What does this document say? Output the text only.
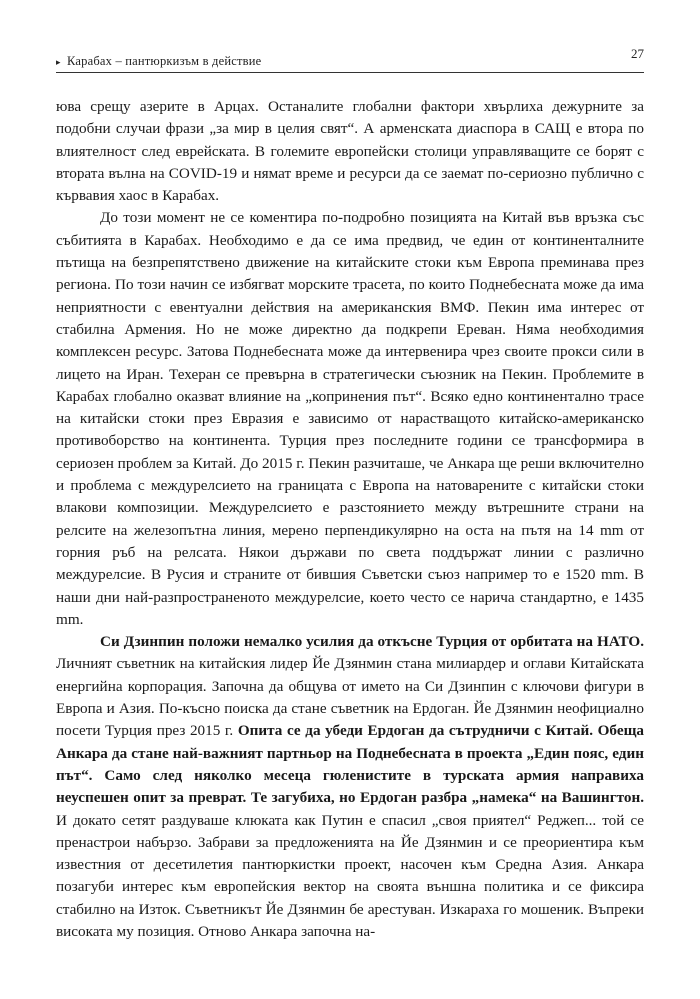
▸ Карабах – пантюркизъм в действие	27

юва срещу азерите в Арцах. Останалите глобални фактори хвърлиха дежурните за подобни случаи фрази „за мир в целия свят“. А арменската диаспора в САЩ е втора по влиятелност след еврейската. В големите европейски столици управляващите се борят с втората вълна на COVID-19 и нямат време и ресурси да се заемат по-сериозно публично с кървавия хаос в Карабах.

До този момент не се коментира по-подробно позицията на Китай във връзка със събитията в Карабах. Необходимо е да се има предвид, че един от континенталните пътища на безпрепятствено движение на китайските стоки към Европа преминава през региона. По този начин се избягват морските трасета, по които Поднебесната може да има неприятности с евентуални действия на американския ВМФ. Пекин има интерес от стабилна Армения. Но не може директно да подкрепи Ереван. Няма необходимия комплексен ресурс. Затова Поднебесната може да интервенира чрез своите прокси сили в лицето на Иран. Техеран се превърна в стратегически съюзник на Пекин. Проблемите в Карабах глобално оказват влияние на „копринения път“. Всяко едно континентално трасе на китайски стоки през Евразия е зависимо от нарастващото китайско-американско противоборство на континента. Турция през последните години се трансформира в сериозен проблем за Китай. До 2015 г. Пекин разчиташе, че Анкара ще реши включително и проблема с междурелсието на границата с Европа на натоварените с китайски стоки влакови композиции. Междурелсието е разстоянието между вътрешните страни на релсите на железопътна линия, мерено перпендикулярно на оста на пътя на 14 mm от горния ръб на релсата. Някои държави по света поддържат линии с различно междурелсие. В Русия и страните от бившия Съветски съюз например то е 1520 mm. В наши дни най-разпространеното междурелсие, което често се нарича стандартно, е 1435 mm.

Си Дзинпин положи немалко усилия да откъсне Турция от орбитата на НАТО. Личният съветник на китайския лидер Йе Дзянмин стана милиардер и оглави Китайската енергийна корпорация. Започна да общува от името на Си Дзинпин с ключови фигури в Европа и Азия. По-късно поиска да стане съветник на Ердоган. Йе Дзянмин неофициално посети Турция през 2015 г. Опита се да убеди Ердоган да сътрудничи с Китай. Обеща Анкара да стане най-важният партньор на Поднебесната в проекта „Един пояс, един път“. Само след няколко месеца гюленистите в турската армия направиха неуспешен опит за преврат. Те загубиха, но Ердоган разбра „намека“ на Вашингтон. И докато сетят раздуваше клюката как Путин е спасил „своя приятел“ Реджеп... той се пренастрои набързо. Забрави за предложенията на Йе Дзянмин и се преориентира към известния от десетилетия пантюркистки проект, насочен към Средна Азия. Анкара позагуби интерес към европейския вектор на своята външна политика и се фиксира стабилно на Изток. Съветникът Йе Дзянмин бе арестуван. Изкараха го мошеник. Въпреки високата му позиция. Отново Анкара започна на-
